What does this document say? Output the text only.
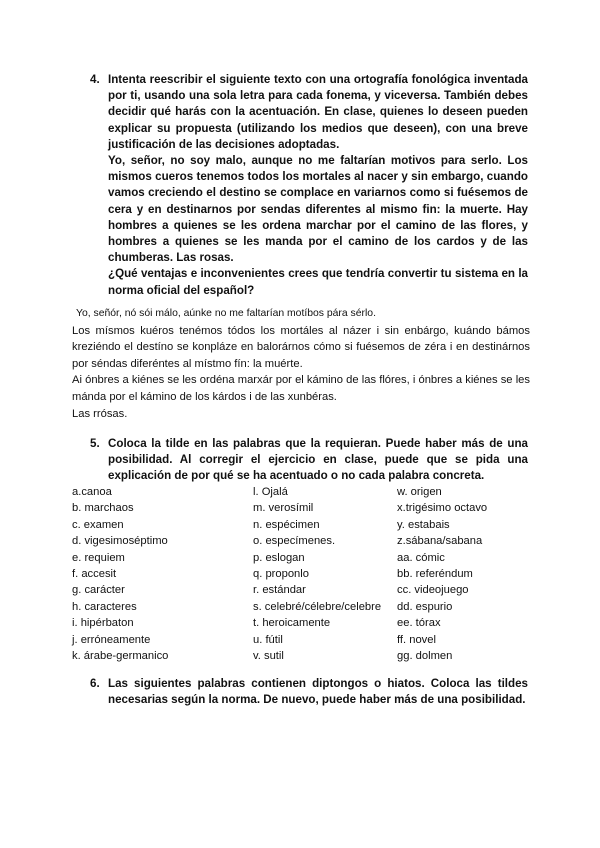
4. Intenta reescribir el siguiente texto con una ortografía fonológica inventada por ti, usando una sola letra para cada fonema, y viceversa. También debes decidir qué harás con la acentuación. En clase, quienes lo deseen pueden explicar su propuesta (utilizando los medios que deseen), con una breve justificación de las decisiones adoptadas.

Yo, señor, no soy malo, aunque no me faltarían motivos para serlo. Los mismos cueros tenemos todos los mortales al nacer y sin embargo, cuando vamos creciendo el destino se complace en variarnos como si fuésemos de cera y en destinarnos por sendas diferentes al mismo fin: la muerte. Hay hombres a quienes se les ordena marchar por el camino de las flores, y hombres a quienes se les manda por el camino de los cardos y de las chumberas. Las rosas.

¿Qué ventajas e inconvenientes crees que tendría convertir tu sistema en la norma oficial del español?

Yo, señór, nó sói málo, aúnke no me faltarían motíbos pára sérlo.

Los mísmos kuéros tenémos tódos los mortáles al názer i sin enbárgo, kuándo bámos kreziéndo el destíno se konpláze en balorárnos cómo si fuésemos de zéra i en destinárnos por séndas diferéntes al místmo fín: la muérte.

Ai ónbres a kiénes se les ordéna marxár por el kámino de las flóres, i ónbres a kiénes se les mánda por el kámino de los kárdos i de las xunbéras.

Las rrósas.

5. Coloca la tilde en las palabras que la requieran. Puede haber más de una posibilidad. Al corregir el ejercicio en clase, puede que se pida una explicación de por qué se ha acentuado o no cada palabra concreta.

a.canoa
b. marchaos
c. examen
d. vigesimoséptimo
e. requiem
f. accesit
g. carácter
h. caracteres
i. hipérbaton
j. erróneamente
k. árabe-germanico
l. Ojalá
m. verosímil
n. espécimen
o. especímenes.
p. eslogan
q. proponlo
r. estándar
s. celebré/célebre/celebre
t. heroicamente
u. fútil
v. sutil
w. origen
x.trigésimo octavo
y. estabais
z.sábana/sabana
aa. cómic
bb. referéndum
cc. videojuego
dd. espurio
ee. tórax
ff. novel
gg. dolmen
6. Las siguientes palabras contienen diptongos o hiatos. Coloca las tildes necesarias según la norma. De nuevo, puede haber más de una posibilidad.
